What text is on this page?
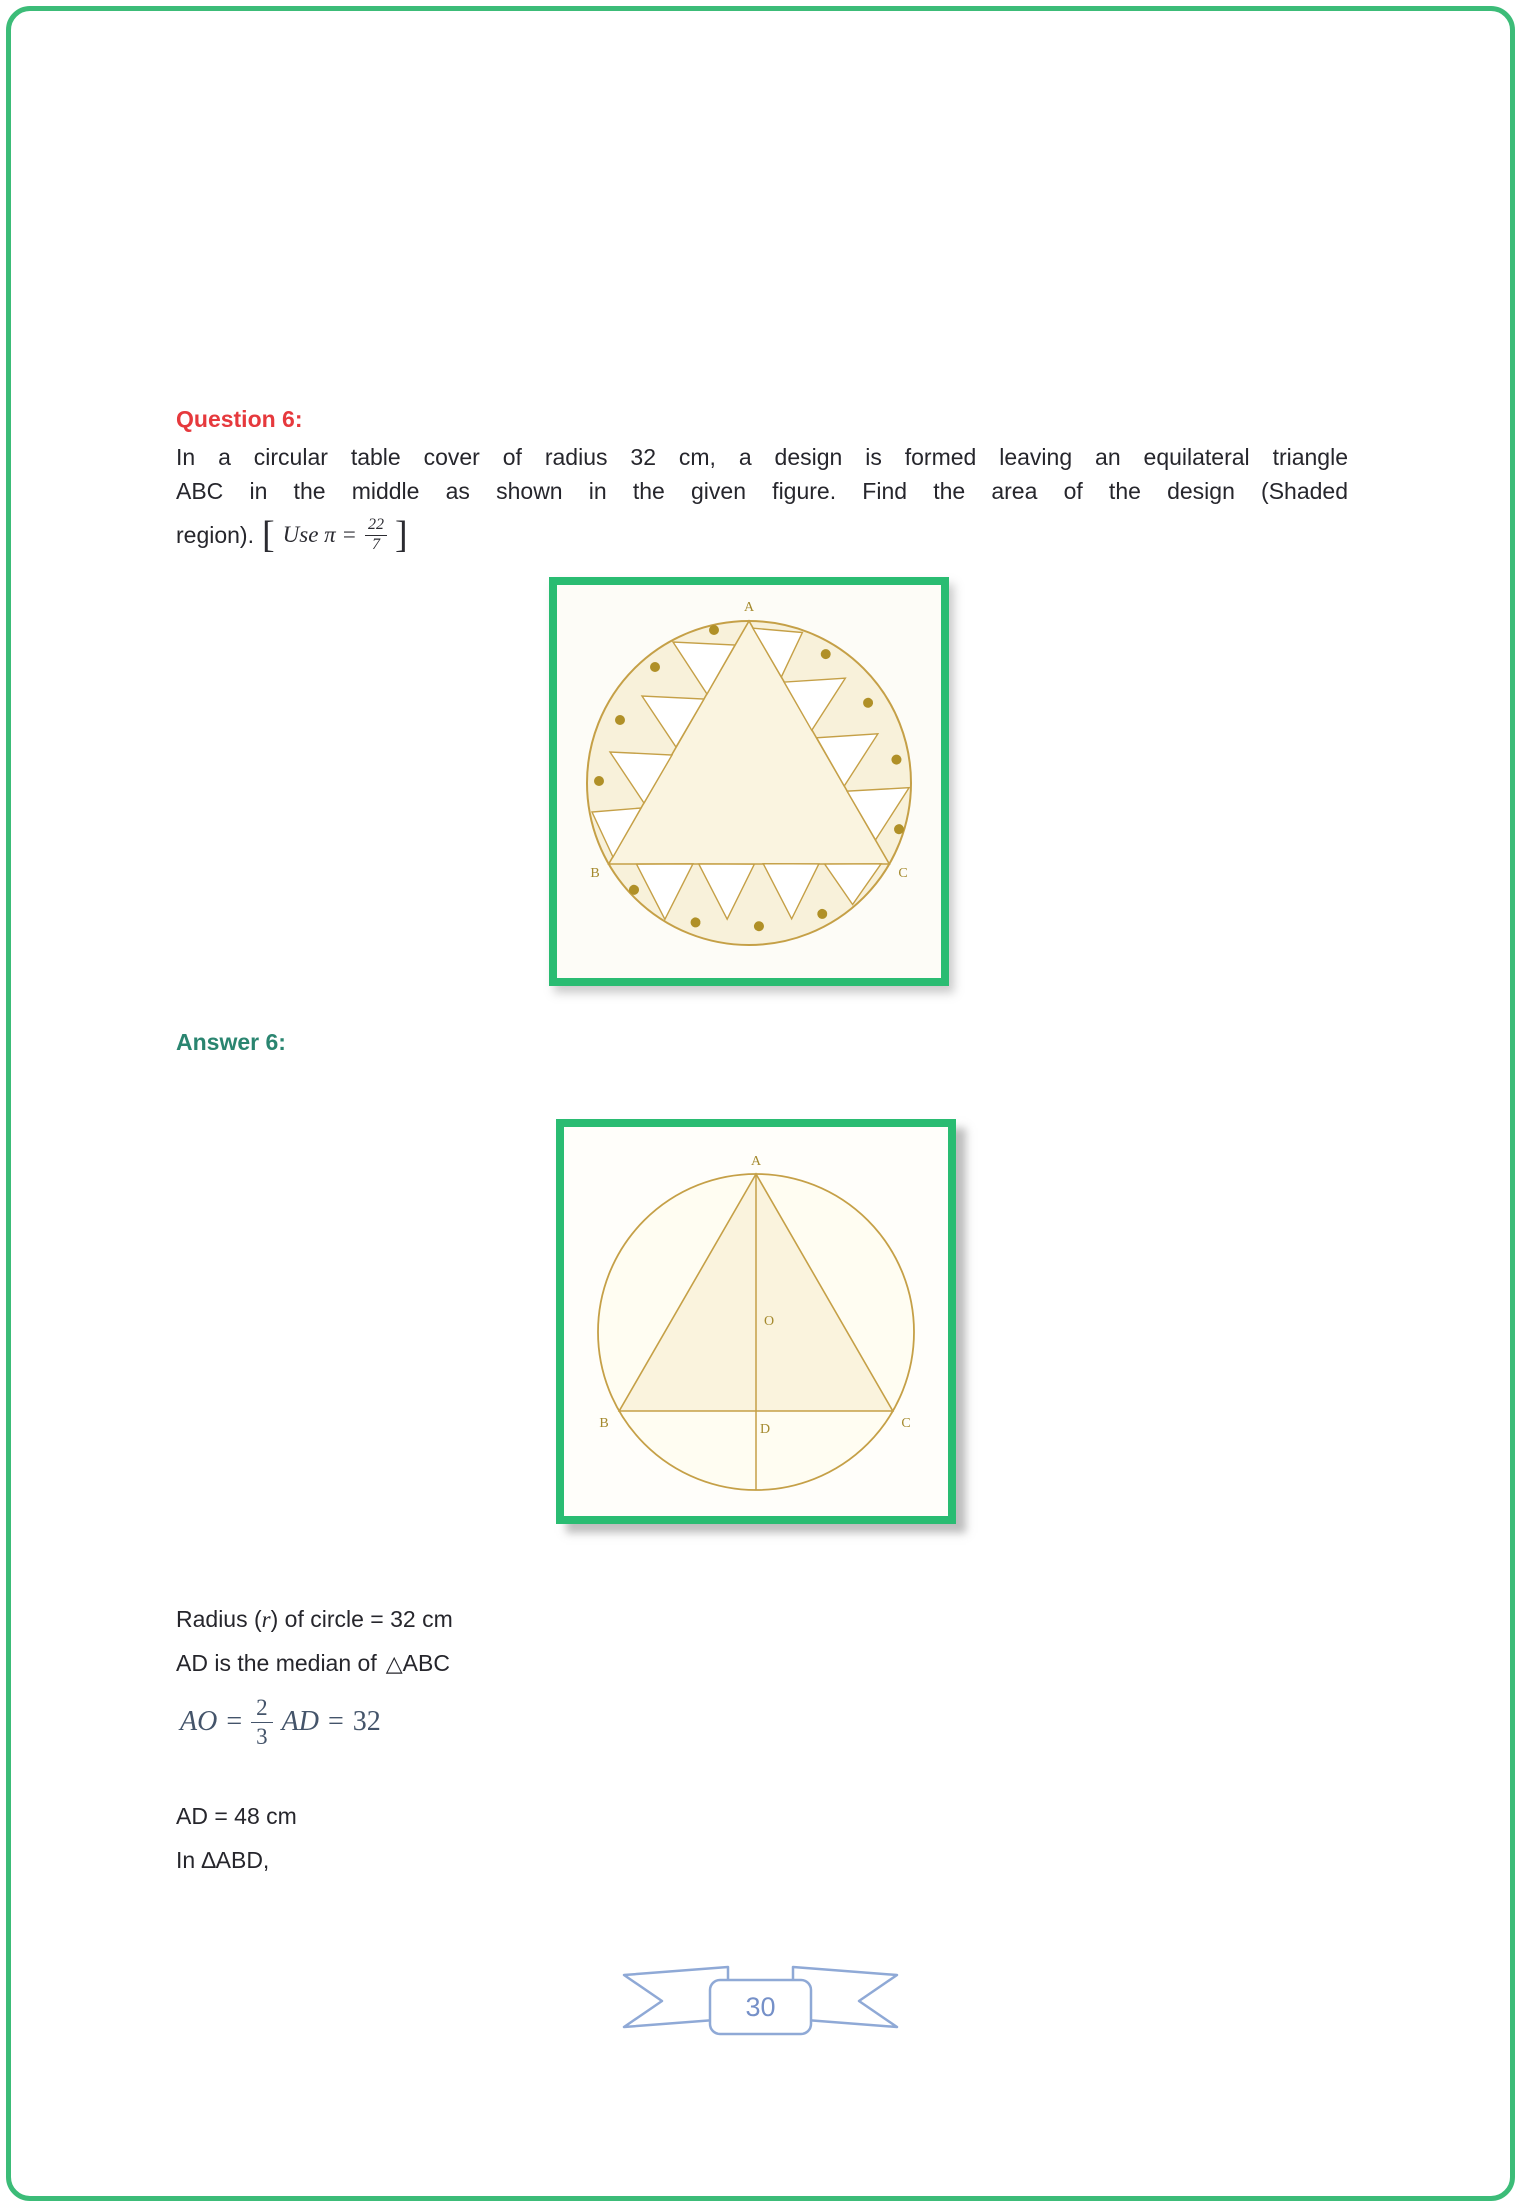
Question 6:
In a circular table cover of radius 32 cm, a design is formed leaving an equilateral triangle
ABC in the middle as shown in the given figure. Find the area of the design (Shaded
region). [ Use $\pi = \frac{22}{7}$ ]
A
B	C
Answer 6:
A
O
B	D	C
Radius (r) of circle = 32 cm
AD is the median of △ABC
AO = $\frac{2}{3}$ AD = 32
AD = 48 cm
In ∆ABD,
30
